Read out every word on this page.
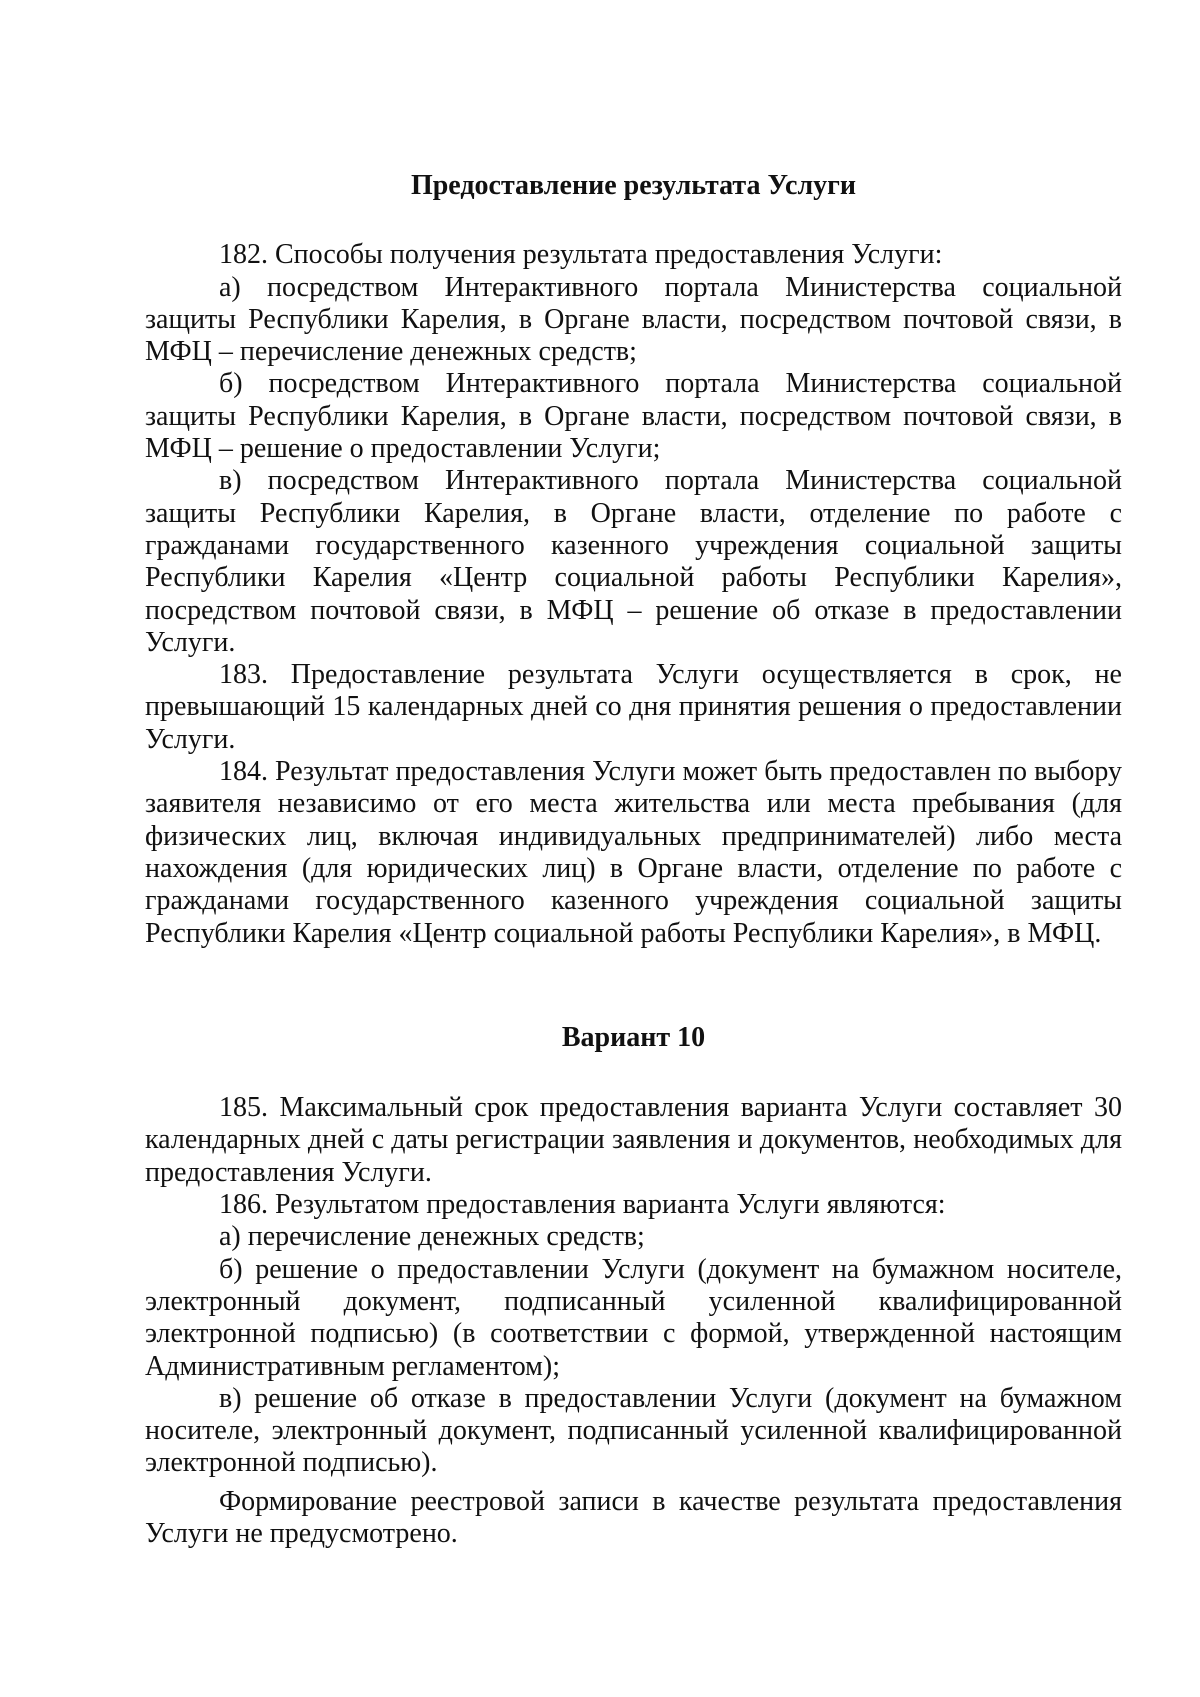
Предоставление результата Услуги

182. Способы получения результата предоставления Услуги:

а) посредством Интерактивного портала Министерства социальной защиты Республики Карелия, в Органе власти, посредством почтовой связи, в МФЦ – перечисление денежных средств;

б) посредством Интерактивного портала Министерства социальной защиты Республики Карелия, в Органе власти, посредством почтовой связи, в МФЦ – решение о предоставлении Услуги;

в) посредством Интерактивного портала Министерства социальной защиты Республики Карелия, в Органе власти, отделение по работе с гражданами государственного казенного учреждения социальной защиты Республики Карелия «Центр социальной работы Республики Карелия», посредством почтовой связи, в МФЦ – решение об отказе в предоставлении Услуги.

183. Предоставление результата Услуги осуществляется в срок, не превышающий 15 календарных дней со дня принятия решения о предоставлении Услуги.

184. Результат предоставления Услуги может быть предоставлен по выбору заявителя независимо от его места жительства или места пребывания (для физических лиц, включая индивидуальных предпринимателей) либо места нахождения (для юридических лиц) в Органе власти, отделение по работе с гражданами государственного казенного учреждения социальной защиты Республики Карелия «Центр социальной работы Республики Карелия», в МФЦ.

Вариант 10

185. Максимальный срок предоставления варианта Услуги составляет 30 календарных дней с даты регистрации заявления и документов, необходимых для предоставления Услуги.

186. Результатом предоставления варианта Услуги являются:

а) перечисление денежных средств;

б) решение о предоставлении Услуги (документ на бумажном носителе, электронный документ, подписанный усиленной квалифицированной электронной подписью) (в соответствии с формой, утвержденной настоящим Административным регламентом);

в) решение об отказе в предоставлении Услуги (документ на бумажном носителе, электронный документ, подписанный усиленной квалифицированной электронной подписью).

Формирование реестровой записи в качестве результата предоставления Услуги не предусмотрено.
